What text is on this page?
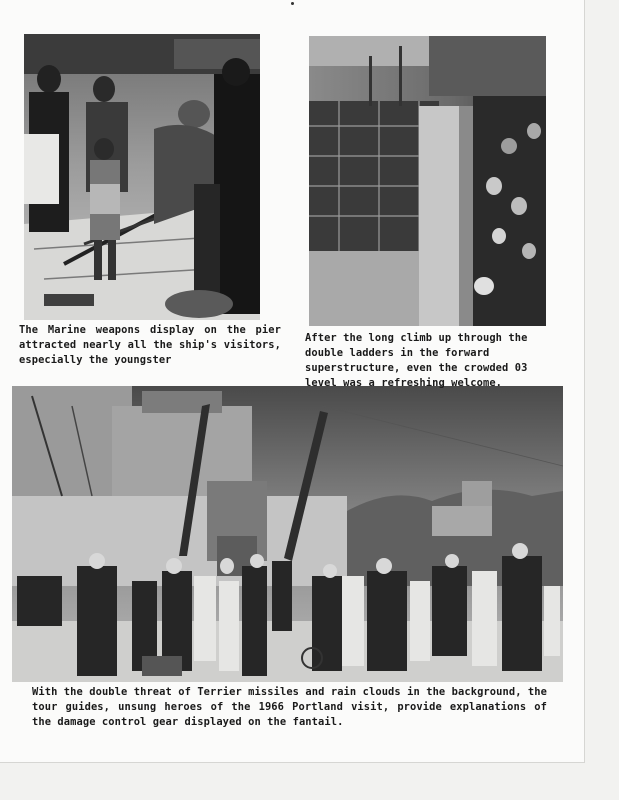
The Marine weapons display on the pier attracted nearly all the ship's visitors, especially the youngster

After the long climb up through the double ladders in the forward superstructure, even the crowded 03 level was a refreshing welcome.

With the double threat of Terrier missiles and rain clouds in the background, the tour guides, unsung heroes of the 1966 Portland visit, provide explanations of the damage control gear displayed on the fantail.
